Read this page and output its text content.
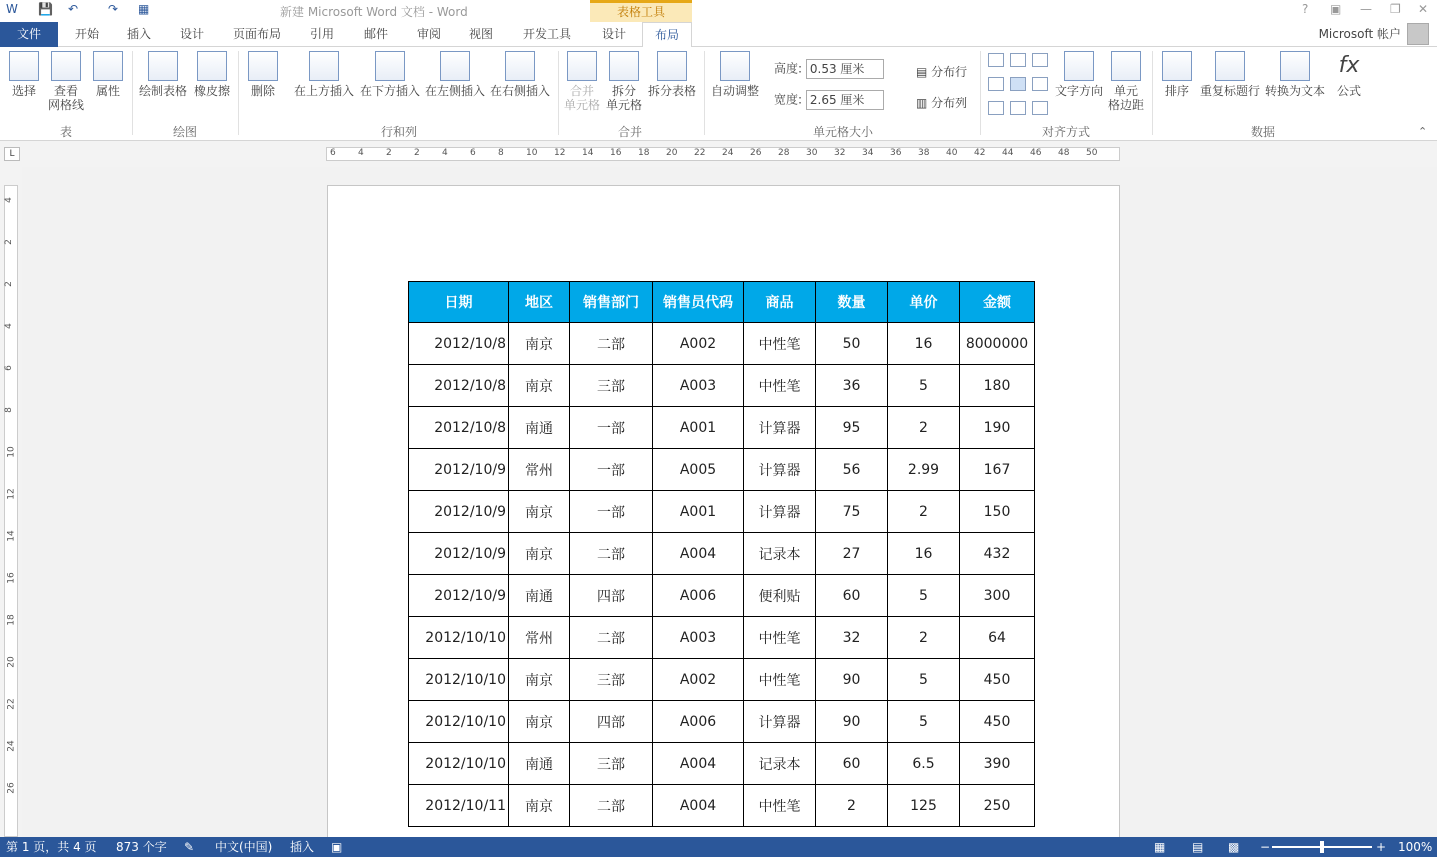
W 💾 ↶ ↷ ▦	新建 Microsoft Word 文档 - Word	表格工具	? ▣ — ❐ ✕
文件	开始	插入	设计	页面布局	引用	邮件	审阅	视图	开发工具	设计	布局	Microsoft 帐户
选择	查看
网格线
属性
表
绘制表格 橡皮擦
绘图
删除	在上方插入 在下方插入 在左侧插入 在右侧插入
行和列
合并
单元格
拆分
单元格
拆分表格
合并
自动调整
高度: 0.53 厘米
宽度: 2.65 厘米
▤ 分布行
▥ 分布列
单元格大小
文字方向 单元
格边距
对齐方式
排序 重复标题行 转换为文本
fx
公式
数据	⌃
L	6 4 2 2 4 6 8 10 12 14 16 18 20 22 24 26 28 30 32 34 36 38 40 42 44 46 48 50
4
2
2
4
6
8
10
12
14
16
18
20
22
24
26
日期	地区	销售部门	销售员代码	商品	数量	单价	金额
2012/10/8	南京	二部	A002	中性笔	50	16	8000000
2012/10/8	南京	三部	A003	中性笔	36	5	180
2012/10/8	南通	一部	A001	计算器	95	2	190
2012/10/9	常州	一部	A005	计算器	56	2.99	167
2012/10/9	南京	一部	A001	计算器	75	2	150
2012/10/9	南京	二部	A004	记录本	27	16	432
2012/10/9	南通	四部	A006	便利贴	60	5	300
2012/10/10	常州	二部	A003	中性笔	32	2	64
2012/10/10	南京	三部	A002	中性笔	90	5	450
2012/10/10	南京	四部	A006	计算器	90	5	450
2012/10/10	南通	三部	A004	记录本	60	6.5	390
2012/10/11	南京	二部	A004	中性笔	2	125	250
第 1 页，共 4 页 873 个字 ✎ 中文(中国) 插入 ▣	▦ ▤ ▩ −	+ 100%
